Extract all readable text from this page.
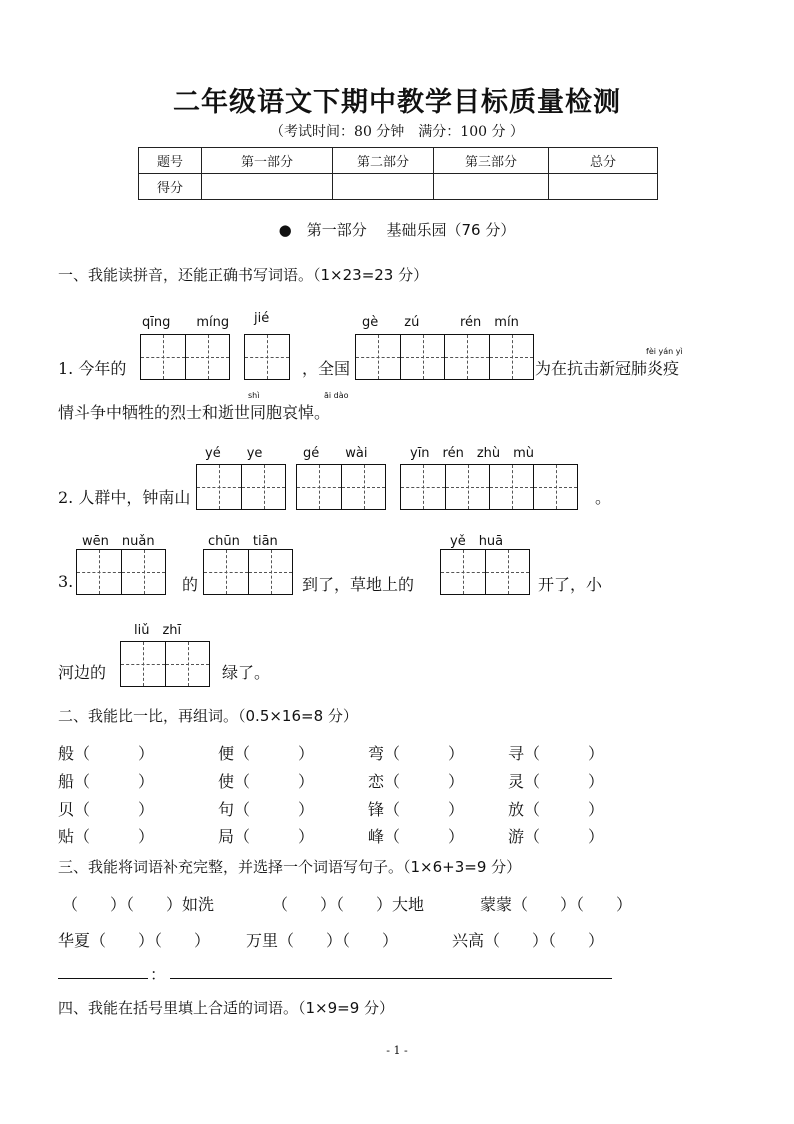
二年级语文下期中教学目标质量检测
（考试时间：80 分钟　满分：100 分 ）
题号	第一部分	第二部分	第三部分	总分
得分				
●　第一部分　 基础乐园（76 分）
一、我能读拼音，还能正确书写词语。（1×23=23 分）
qīng　　míng jié	gè　　zú	rén　mín
1. 今年的	，全国
fèi yán yì
为在抗击新冠肺炎疫
shì	āi dào
情斗争中牺牲的烈士和逝世同胞哀悼。
yé　　ye	gé　　wài	yīn　rén　zhù　mù
2. 人群中，钟南山	。
wēn　nuǎn	chūn　tiān	yě　huā
3.	的	到了，草地上的	开了，小
liǔ　zhī
河边的	绿了。
二、我能比一比，再组词。（0.5×16=8 分）
般（　　　）	便（　　　）	弯（　　　）	寻（　　　）
船（　　　）	使（　　　）	恋（　　　）	灵（　　　）
贝（　　　）	句（　　　）	锋（　　　）	放（　　　）
贴（　　　）	局（　　　）	峰（　　　）	游（　　　）
三、我能将词语补充完整，并选择一个词语写句子。（1×6+3=9 分）
（　　）（　　）如洗	（　　）（　　）大地	蒙蒙（　　）（　　）
华夏（　　）（　　） 万里（　　）（　　）	兴高（　　）（　　）
：
四、我能在括号里填上合适的词语。（1×9=9 分）
- 1 -
